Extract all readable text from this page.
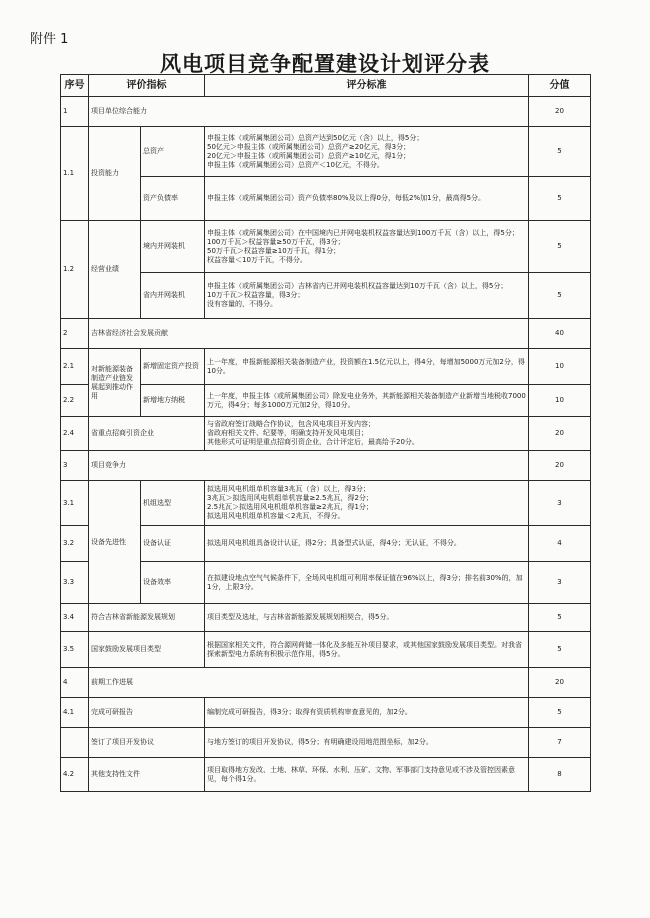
附件 1
风电项目竞争配置建设计划评分表
序号	评价指标		评分标准	分值
1	项目单位综合能力			20
1.1	投资能力	总资产	申报主体（或所属集团公司）总资产达到50亿元（含）以上，得5分；
50亿元＞申报主体（或所属集团公司）总资产≥20亿元，得3分；
20亿元＞申报主体（或所属集团公司）总资产≥10亿元，得1分；
申报主体（或所属集团公司）总资产＜10亿元，不得分。	5
		资产负债率	申报主体（或所属集团公司）资产负债率80%及以上得0分，每低2%加1分，最高得5分。	5
1.2	经营业绩	境内并网装机	申报主体（或所属集团公司）在中国境内已并网电装机权益容量达到100万千瓦（含）以上，得5分；
100万千瓦＞权益容量≥50万千瓦，得3分；
50万千瓦＞权益容量≥10万千瓦，得1分；
权益容量＜10万千瓦，不得分。	5
		省内并网装机	申报主体（或所属集团公司）吉林省内已并网电装机权益容量达到10万千瓦（含）以上，得5分；
10万千瓦＞权益容量，得3分；
没有容量的，不得分。	5
2	吉林省经济社会发展贡献			40
2.1	对新能源装备制造产业链发展起到推动作用	新增固定资产投资	上一年度，申报新能源相关装备制造产业，投资额在1.5亿元以上，得4分，每增加5000万元加2分，得10分。	10
2.2		新增地方纳税	上一年度，申报主体（或所属集团公司）除发电业务外，其新能源相关装备制造产业新增当地税收7000万元，得4分；每多1000万元加2分，得10分。	10
2.4	省重点招商引资企业		与省政府签订战略合作协议，包含风电项目开发内容；
省政府相关文件、纪要等，明确支持开发风电项目；
其他形式可证明是重点招商引资企业，合计评定后，最高给予20分。	20
3	项目竞争力			20
3.1	设备先进性	机组选型	拟选用风电机组单机容量3兆瓦（含）以上，得3分；
3兆瓦＞拟选用风电机组单机容量≥2.5兆瓦，得2分；
2.5兆瓦＞拟选用风电机组单机容量≥2兆瓦，得1分；
拟选用风电机组单机容量＜2兆瓦，不得分。	3
3.2		设备认证	拟选用风电机组具备设计认证，得2分；具备型式认证，得4分；无认证，不得分。	4
3.3		设备效率	在拟建设地点空气气候条件下，全场风电机组可利用率保证值在96%以上，得3分；排名前30%的，加1分，上限3分。	3
3.4	符合吉林省新能源发展规划		项目类型及选址，与吉林省新能源发展规划相契合，得5分。	5
3.5	国家鼓励发展项目类型		根据国家相关文件，符合源网荷储一体化及多能互补项目要求，或其他国家鼓励发展项目类型。对我省探索新型电力系统有积极示范作用，得5分。	5
4	前期工作进展			20
4.1	完成可研报告		编制完成可研报告，得3分；取得有资质机构审查意见的，加2分。	5
	签订了项目开发协议		与地方签订的项目开发协议，得5分；有明确建设用地范围坐标，加2分。	7
4.2	其他支持性文件		项目取得地方发改、土地、林草、环保、水利、压矿、文物、军事部门支持意见或不涉及管控因素意见，每个得1分。	8
